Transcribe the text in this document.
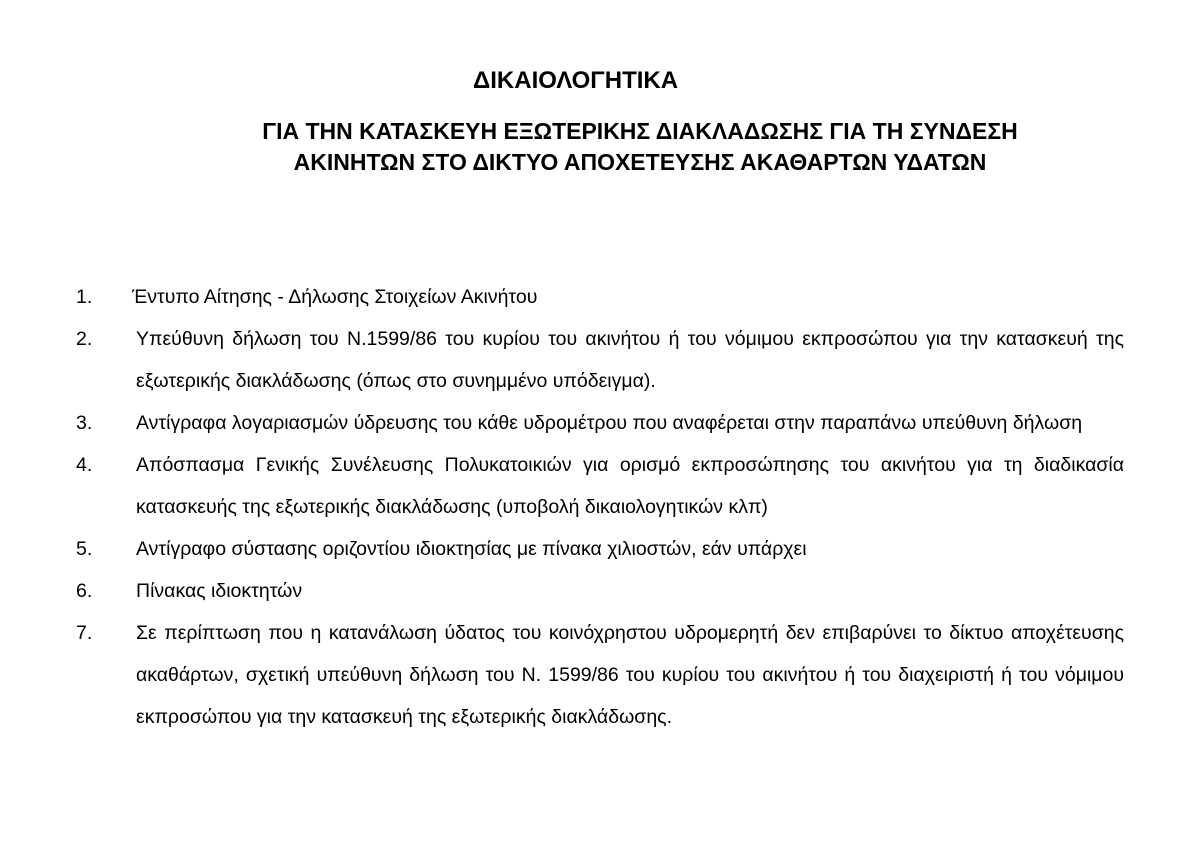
ΔΙΚΑΙΟΛΟΓΗΤΙΚΑ
ΓΙΑ ΤΗΝ ΚΑΤΑΣΚΕΥΗ ΕΞΩΤΕΡΙΚΗΣ ΔΙΑΚΛΑΔΩΣΗΣ ΓΙΑ ΤΗ ΣΥΝΔΕΣΗ
ΑΚΙΝΗΤΩΝ ΣΤΟ ΔΙΚΤΥΟ ΑΠΟΧΕΤΕΥΣΗΣ ΑΚΑΘΑΡΤΩΝ ΥΔΑΤΩΝ
1. Έντυπο Αίτησης - Δήλωσης Στοιχείων Ακινήτου
2. Υπεύθυνη δήλωση του Ν.1599/86 του κυρίου του ακινήτου ή του νόμιμου εκπροσώπου για την κατασκευή της εξωτερικής διακλάδωσης (όπως στο συνημμένο υπόδειγμα).
3. Αντίγραφα λογαριασμών ύδρευσης του κάθε υδρομέτρου που αναφέρεται στην παραπάνω υπεύθυνη δήλωση
4. Απόσπασμα Γενικής Συνέλευσης Πολυκατοικιών για ορισμό εκπροσώπησης του ακινήτου για τη διαδικασία κατασκευής της εξωτερικής διακλάδωσης (υποβολή δικαιολογητικών κλπ)
5. Αντίγραφο σύστασης οριζοντίου ιδιοκτησίας με πίνακα χιλιοστών, εάν υπάρχει
6. Πίνακας ιδιοκτητών
7. Σε περίπτωση που η κατανάλωση ύδατος του κοινόχρηστου υδρομερητή δεν επιβαρύνει το δίκτυο αποχέτευσης ακαθάρτων, σχετική υπεύθυνη δήλωση του Ν. 1599/86 του κυρίου του ακινήτου ή του διαχειριστή ή του νόμιμου εκπροσώπου για την κατασκευή της εξωτερικής διακλάδωσης.
